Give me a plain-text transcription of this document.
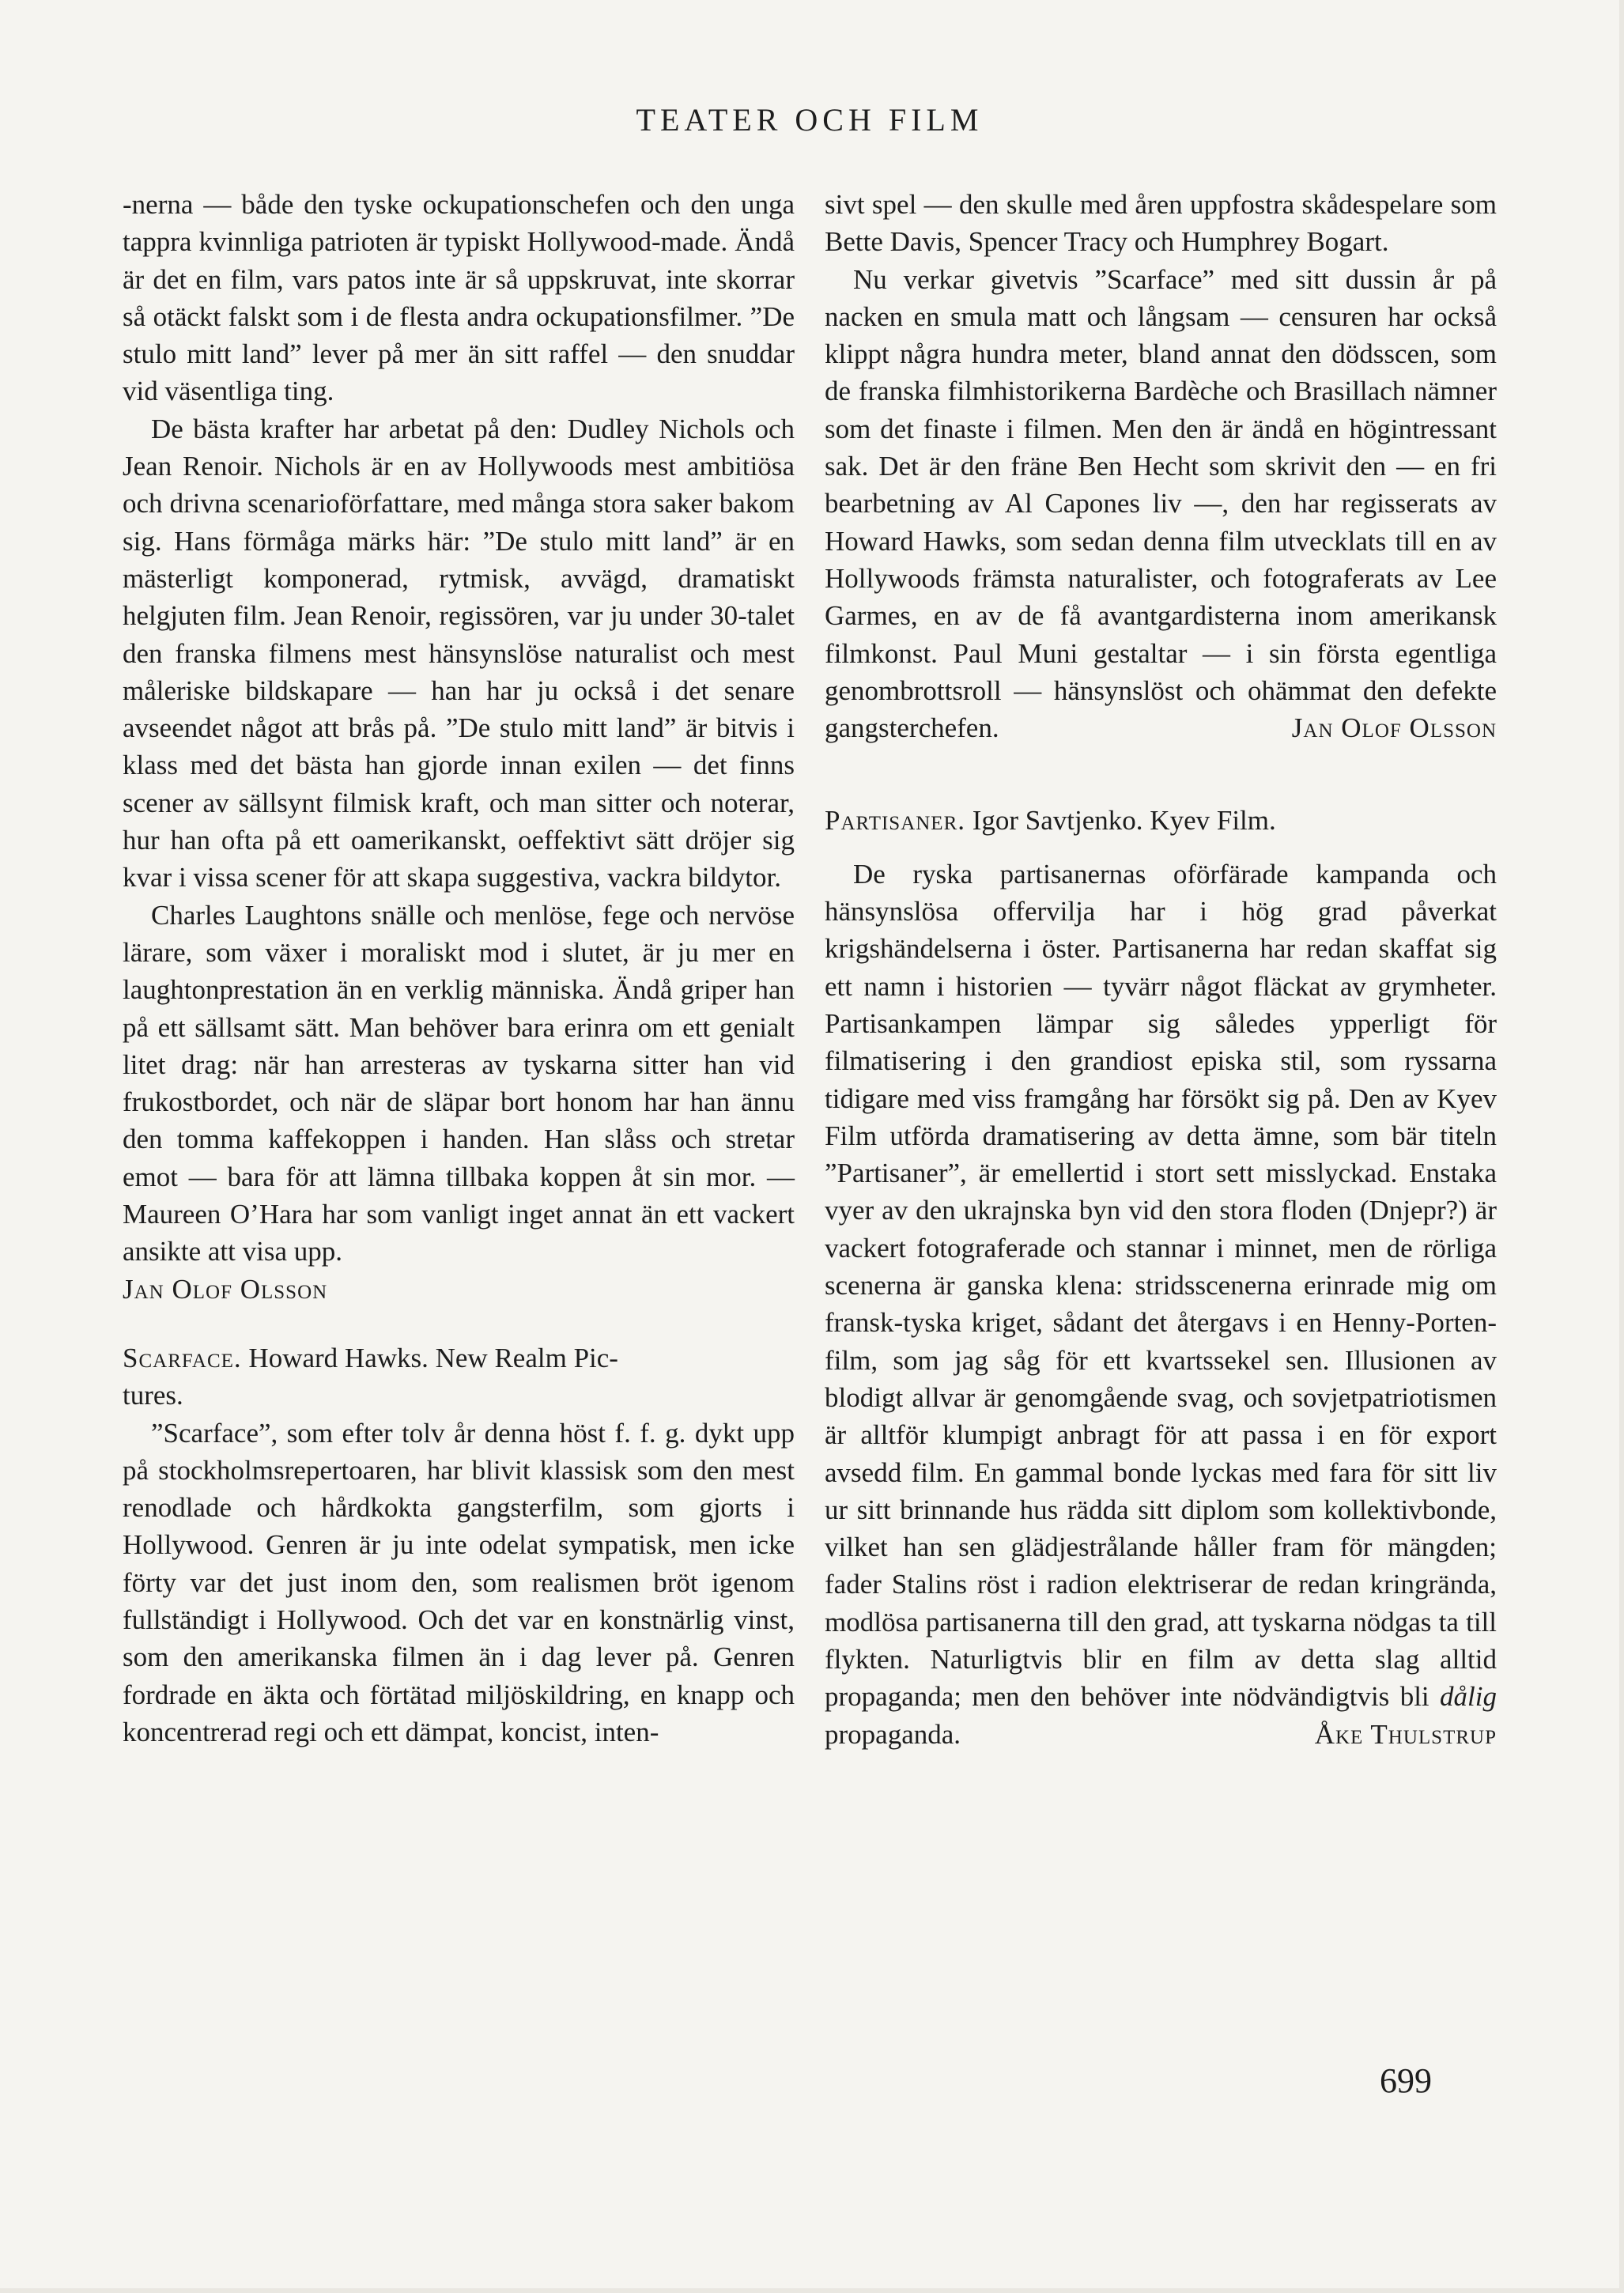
TEATER OCH FILM

-nerna — både den tyske ockupationschefen och den unga tappra kvinnliga patrioten är typiskt Hollywood-made. Ändå är det en film, vars patos inte är så uppskruvat, inte skorrar så otäckt falskt som i de flesta andra ockupationsfilmer. ”De stulo mitt land” lever på mer än sitt raffel — den snuddar vid väsentliga ting.

De bästa krafter har arbetat på den: Dudley Nichols och Jean Renoir. Nichols är en av Hollywoods mest ambitiösa och drivna scenarioförfattare, med många stora saker bakom sig. Hans förmåga märks här: ”De stulo mitt land” är en mästerligt komponerad, rytmisk, avvägd, dramatiskt helgjuten film. Jean Renoir, regissören, var ju under 30-talet den franska filmens mest hänsynslöse naturalist och mest måleriske bildskapare — han har ju också i det senare avseendet något att brås på. ”De stulo mitt land” är bitvis i klass med det bästa han gjorde innan exilen — det finns scener av sällsynt filmisk kraft, och man sitter och noterar, hur han ofta på ett oamerikanskt, oeffektivt sätt dröjer sig kvar i vissa scener för att skapa suggestiva, vackra bildytor.

Charles Laughtons snälle och menlöse, fege och nervöse lärare, som växer i moraliskt mod i slutet, är ju mer en laughtonprestation än en verklig människa. Ändå griper han på ett sällsamt sätt. Man behöver bara erinra om ett genialt litet drag: när han arresteras av tyskarna sitter han vid frukostbordet, och när de släpar bort honom har han ännu den tomma kaffekoppen i handen. Han slåss och stretar emot — bara för att lämna tillbaka koppen åt sin mor. — Maureen O’Hara har som vanligt inget annat än ett vackert ansikte att visa upp.

Jan Olof Olsson

Scarface. Howard Hawks. New Realm Pic-

tures.

”Scarface”, som efter tolv år denna höst f. f. g. dykt upp på stockholmsrepertoaren, har blivit klassisk som den mest renodlade och hårdkokta gangsterfilm, som gjorts i Hollywood. Genren är ju inte odelat sympatisk, men icke förty var det just inom den, som realismen bröt igenom fullständigt i Hollywood. Och det var en konstnärlig vinst, som den amerikanska filmen än i dag lever på. Genren fordrade en äkta och förtätad miljöskildring, en knapp och koncentrerad regi och ett dämpat, koncist, inten-

sivt spel — den skulle med åren uppfostra skådespelare som Bette Davis, Spencer Tracy och Humphrey Bogart.

Nu verkar givetvis ”Scarface” med sitt dussin år på nacken en smula matt och långsam — censuren har också klippt några hundra meter, bland annat den dödsscen, som de franska filmhistorikerna Bardèche och Brasillach nämner som det finaste i filmen. Men den är ändå en högintressant sak. Det är den fräne Ben Hecht som skrivit den — en fri bearbetning av Al Capones liv —, den har regisserats av Howard Hawks, som sedan denna film utvecklats till en av Hollywoods främsta naturalister, och fotograferats av Lee Garmes, en av de få avantgardisterna inom amerikansk filmkonst. Paul Muni gestaltar — i sin första egentliga genombrottsroll — hänsynslöst och ohämmat den defekte gangsterchefen.	Jan Olof Olsson

Partisaner. Igor Savtjenko. Kyev Film.

De ryska partisanernas oförfärade kampanda och hänsynslösa offervilja har i hög grad påverkat krigshändelserna i öster. Partisanerna har redan skaffat sig ett namn i historien — tyvärr något fläckat av grymheter. Partisankampen lämpar sig således ypperligt för filmatisering i den grandiost episka stil, som ryssarna tidigare med viss framgång har försökt sig på. Den av Kyev Film utförda dramatisering av detta ämne, som bär titeln ”Partisaner”, är emellertid i stort sett misslyckad. Enstaka vyer av den ukrajnska byn vid den stora floden (Dnjepr?) är vackert fotograferade och stannar i minnet, men de rörliga scenerna är ganska klena: stridsscenerna erinrade mig om fransk-tyska kriget, sådant det återgavs i en Henny-Porten-film, som jag såg för ett kvartssekel sen. Illusionen av blodigt allvar är genomgående svag, och sovjetpatriotismen är alltför klumpigt anbragt för att passa i en för export avsedd film. En gammal bonde lyckas med fara för sitt liv ur sitt brinnande hus rädda sitt diplom som kollektivbonde, vilket han sen glädjestrålande håller fram för mängden; fader Stalins röst i radion elektriserar de redan kringrända, modlösa partisanerna till den grad, att tyskarna nödgas ta till flykten. Naturligtvis blir en film av detta slag alltid propaganda; men den behöver inte nödvändigtvis bli dålig propaganda.	Åke Thulstrup

699
